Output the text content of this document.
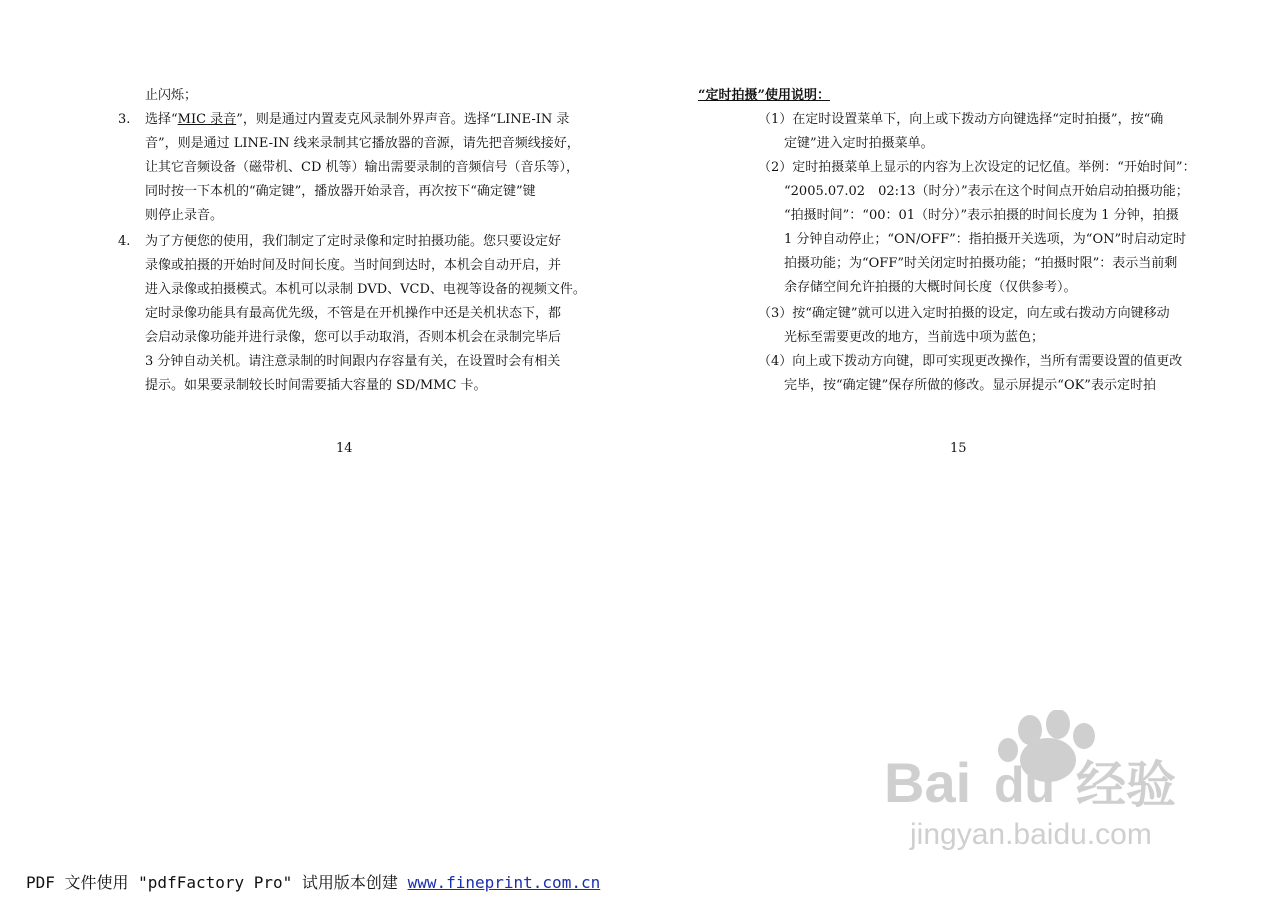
止闪烁；
3. 选择“MIC 录音”，则是通过内置麦克风录制外界声音。选择“LINE-IN 录
音”，则是通过 LINE-IN 线来录制其它播放器的音源，请先把音频线接好，
让其它音频设备（磁带机、CD 机等）输出需要录制的音频信号（音乐等），
同时按一下本机的“确定键”，播放器开始录音，再次按下“确定键”键
则停止录音。
4. 为了方便您的使用，我们制定了定时录像和定时拍摄功能。您只要设定好
录像或拍摄的开始时间及时间长度。当时间到达时，本机会自动开启，并
进入录像或拍摄模式。本机可以录制 DVD、VCD、电视等设备的视频文件。
定时录像功能具有最高优先级，不管是在开机操作中还是关机状态下，都
会启动录像功能并进行录像，您可以手动取消，否则本机会在录制完毕后
3 分钟自动关机。请注意录制的时间跟内存容量有关，在设置时会有相关
提示。如果要录制较长时间需要插大容量的 SD/MMC 卡。
14
“定时拍摄”使用说明：
（1）在定时设置菜单下，向上或下拨动方向键选择“定时拍摄”，按“确
定键”进入定时拍摄菜单。
（2）定时拍摄菜单上显示的内容为上次设定的记忆值。举例：“开始时间”：
“2005.07.02　02:13（时分）”表示在这个时间点开始启动拍摄功能；
“拍摄时间”：“00：01（时分）”表示拍摄的时间长度为 1 分钟，拍摄
1 分钟自动停止；“ON/OFF”：指拍摄开关选项，为“ON”时启动定时
拍摄功能；为“OFF”时关闭定时拍摄功能；“拍摄时限”：表示当前剩
余存储空间允许拍摄的大概时间长度（仅供参考）。
（3）按“确定键”就可以进入定时拍摄的设定，向左或右拨动方向键移动
光标至需要更改的地方，当前选中项为蓝色；
（4）向上或下拨动方向键，即可实现更改操作，当所有需要设置的值更改
完毕，按“确定键”保存所做的修改。显示屏提示“OK”表示定时拍
15
Bai du 经验
jingyan.baidu.com
PDF 文件使用 "pdfFactory Pro" 试用版本创建 www.fineprint.com.cn
